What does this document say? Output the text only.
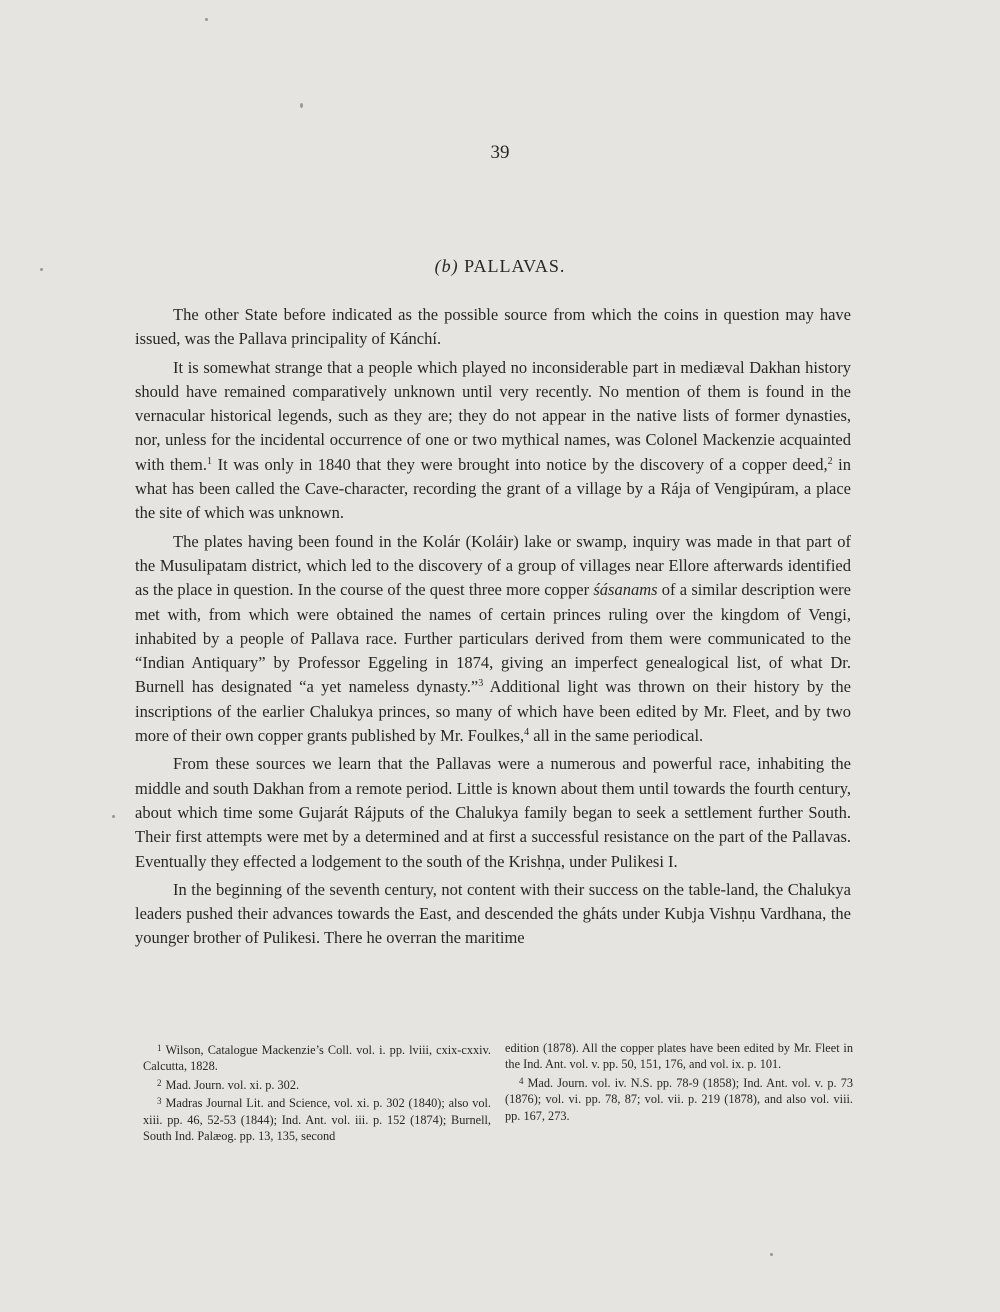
39
(b) PALLAVAS.

The other State before indicated as the possible source from which the coins in question may have issued, was the Pallava principality of Kánchí.

It is somewhat strange that a people which played no inconsiderable part in mediæval Dakhan history should have remained comparatively unknown until very recently. No mention of them is found in the vernacular historical legends, such as they are; they do not appear in the native lists of former dynasties, nor, unless for the incidental occurrence of one or two mythical names, was Colonel Mackenzie acquainted with them.$^1$ It was only in 1840 that they were brought into notice by the discovery of a copper deed,$^2$ in what has been called the Cave-character, recording the grant of a village by a Rája of Vengipúram, a place the site of which was unknown.

The plates having been found in the Kolár (Koláir) lake or swamp, inquiry was made in that part of the Musulipatam district, which led to the discovery of a group of villages near Ellore afterwards identified as the place in question. In the course of the quest three more copper śásanams of a similar description were met with, from which were obtained the names of certain princes ruling over the kingdom of Vengi, inhabited by a people of Pallava race. Further particulars derived from them were communicated to the “Indian Antiquary” by Professor Eggeling in 1874, giving an imperfect genealogical list, of what Dr. Burnell has designated “a yet nameless dynasty.”$^3$ Additional light was thrown on their history by the inscriptions of the earlier Chalukya princes, so many of which have been edited by Mr. Fleet, and by two more of their own copper grants published by Mr. Foulkes,$^4$ all in the same periodical.

From these sources we learn that the Pallavas were a numerous and powerful race, inhabiting the middle and south Dakhan from a remote period. Little is known about them until towards the fourth century, about which time some Gujarát Rájputs of the Chalukya family began to seek a settlement further South. Their first attempts were met by a determined and at first a successful resistance on the part of the Pallavas. Eventually they effected a lodgement to the south of the Krishṇa, under Pulikesi I.

In the beginning of the seventh century, not content with their success on the table-land, the Chalukya leaders pushed their advances towards the East, and descended the gháts under Kubja Vishṇu Vardhana, the younger brother of Pulikesi. There he overran the maritime

$^1$ Wilson, Catalogue Mackenzie’s Coll. vol. i. pp. lviii, cxix-cxxiv. Calcutta, 1828.

$^2$ Mad. Journ. vol. xi. p. 302.

$^3$ Madras Journal Lit. and Science, vol. xi. p. 302 (1840); also vol. xiii. pp. 46, 52-53 (1844); Ind. Ant. vol. iii. p. 152 (1874); Burnell, South Ind. Palæog. pp. 13, 135, second

edition (1878). All the copper plates have been edited by Mr. Fleet in the Ind. Ant. vol. v. pp. 50, 151, 176, and vol. ix. p. 101.

$^4$ Mad. Journ. vol. iv. N.S. pp. 78-9 (1858); Ind. Ant. vol. v. p. 73 (1876); vol. vi. pp. 78, 87; vol. vii. p. 219 (1878), and also vol. viii. pp. 167, 273.
